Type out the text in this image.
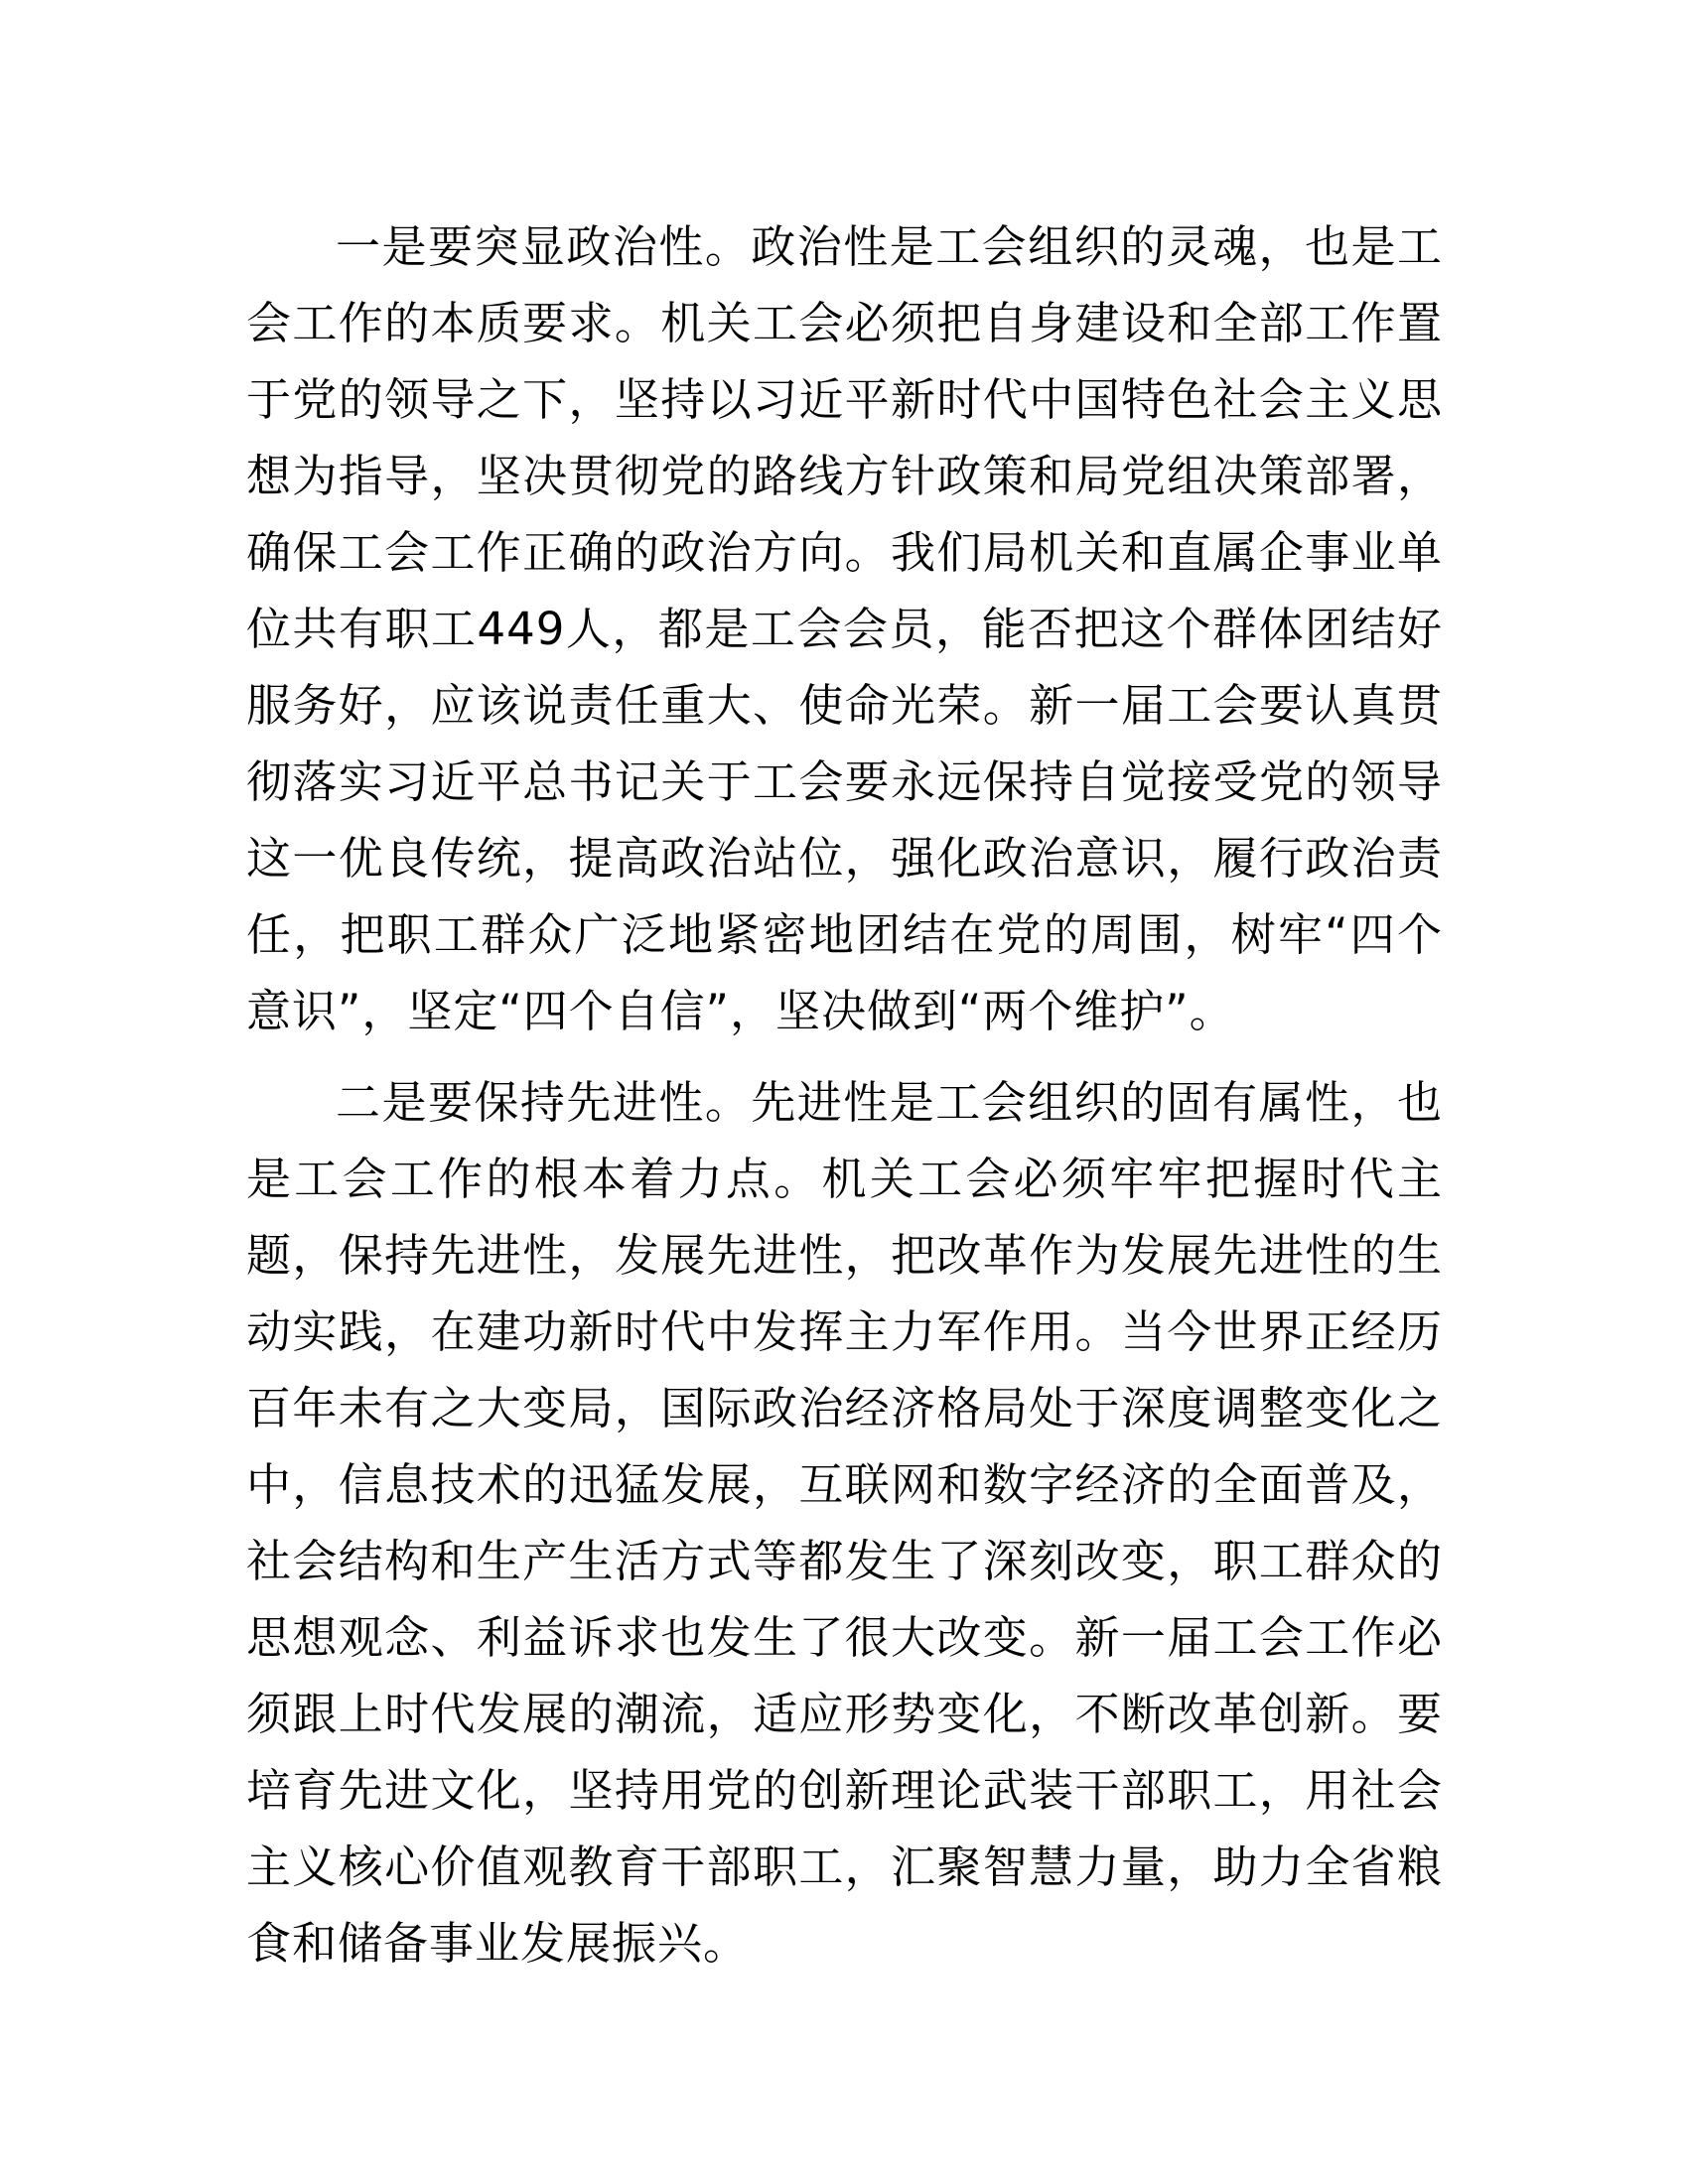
一是要突显政治性。政治性是工会组织的灵魂，也是工会工作的本质要求。机关工会必须把自身建设和全部工作置于党的领导之下，坚持以习近平新时代中国特色社会主义思想为指导，坚决贯彻党的路线方针政策和局党组决策部署，确保工会工作正确的政治方向。我们局机关和直属企事业单位共有职工449人，都是工会会员，能否把这个群体团结好服务好，应该说责任重大、使命光荣。新一届工会要认真贯彻落实习近平总书记关于工会要永远保持自觉接受党的领导这一优良传统，提高政治站位，强化政治意识，履行政治责任，把职工群众广泛地紧密地团结在党的周围，树牢“四个意识”，坚定“四个自信”，坚决做到“两个维护”。

二是要保持先进性。先进性是工会组织的固有属性，也是工会工作的根本着力点。机关工会必须牢牢把握时代主题，保持先进性，发展先进性，把改革作为发展先进性的生动实践，在建功新时代中发挥主力军作用。当今世界正经历百年未有之大变局，国际政治经济格局处于深度调整变化之中，信息技术的迅猛发展，互联网和数字经济的全面普及，社会结构和生产生活方式等都发生了深刻改变，职工群众的思想观念、利益诉求也发生了很大改变。新一届工会工作必须跟上时代发展的潮流，适应形势变化，不断改革创新。要培育先进文化，坚持用党的创新理论武装干部职工，用社会主义核心价值观教育干部职工，汇聚智慧力量，助力全省粮食和储备事业发展振兴。
